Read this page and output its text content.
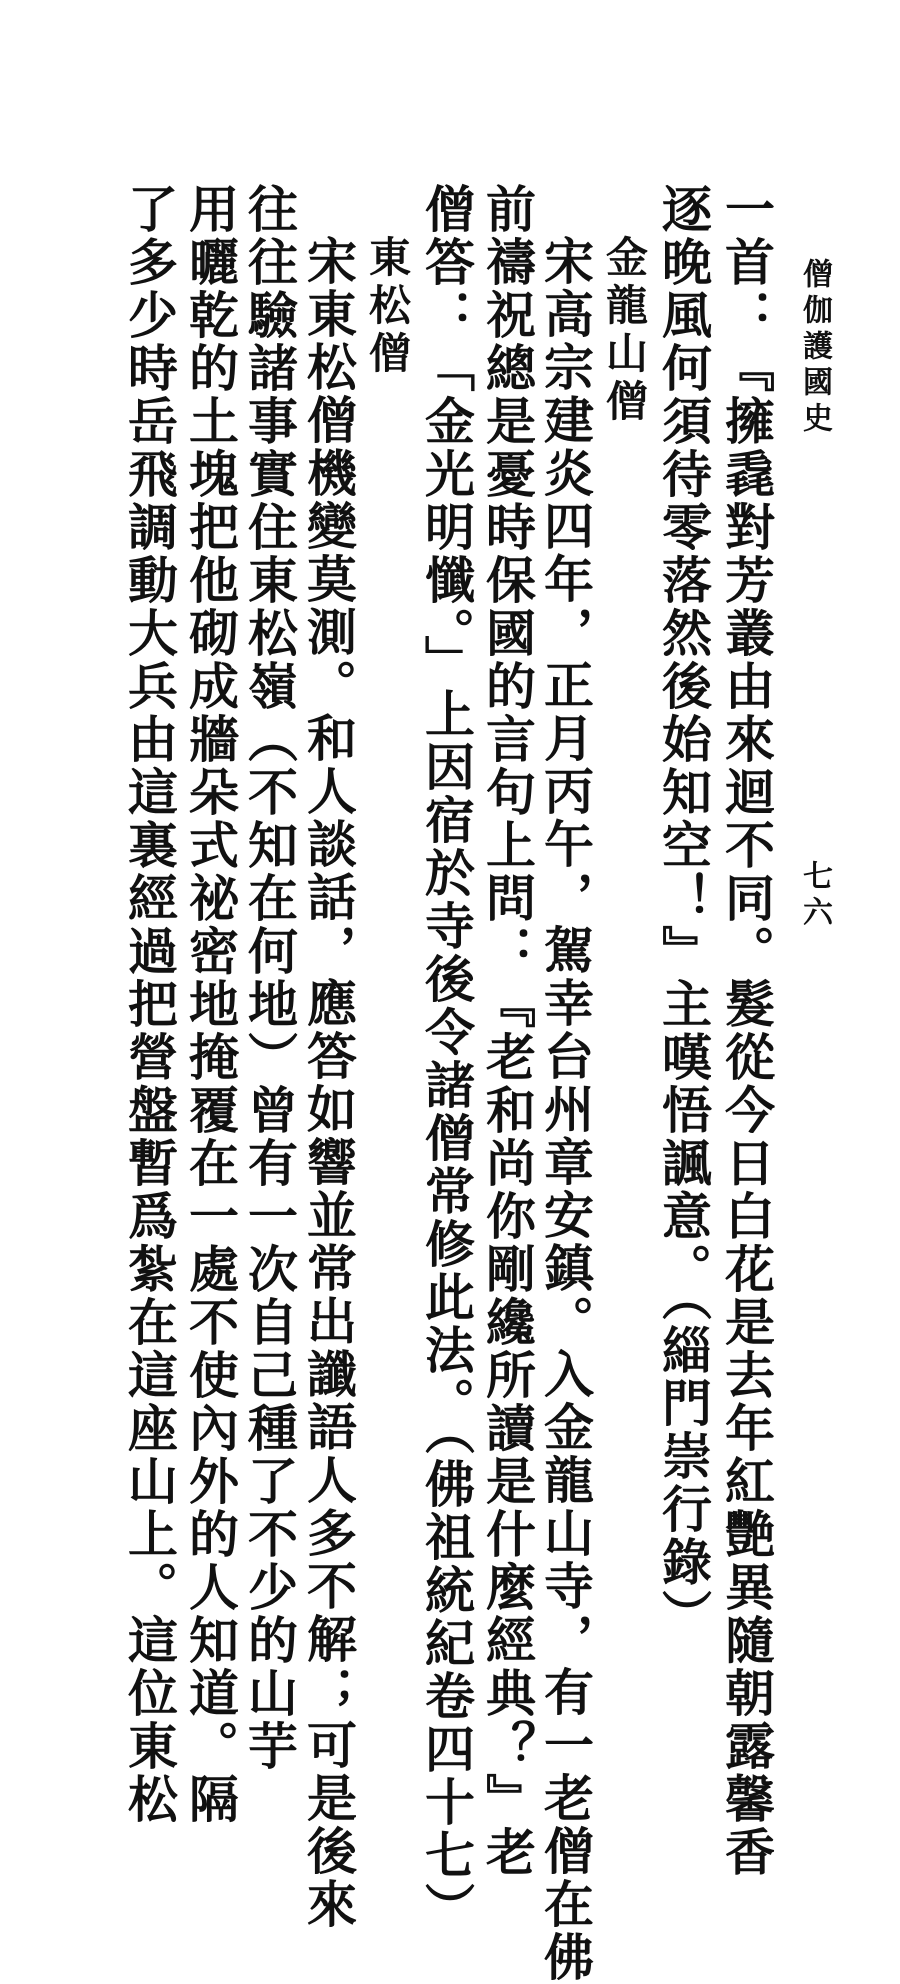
僧伽護國史
七六
一首：『擁毳對芳叢由來迴不同。髮從今日白花是去年紅艷異隨朝露馨香
逐晚風何須待零落然後始知空！』主嘆悟諷意。（緇門崇行錄）
金龍山僧
宋高宗建炎四年，正月丙午，駕幸台州章安鎮。入金龍山寺，有一老僧在佛
前禱祝總是憂時保國的言句上問：『老和尚你剛纔所讀是什麼經典？』老
僧答：「金光明懺。」上因宿於寺後令諸僧常修此法。（佛祖統紀卷四十七）
東松僧
宋東松僧機變莫測。和人談話，應答如響並常出讖語人多不解；可是後來
往往驗諸事實住東松嶺（不知在何地）曾有一次自己種了不少的山芋
用曬乾的土塊把他砌成牆朵式祕密地掩覆在一處不使內外的人知道。隔
了多少時岳飛調動大兵由這裏經過把營盤暫爲紮在這座山上。這位東松
